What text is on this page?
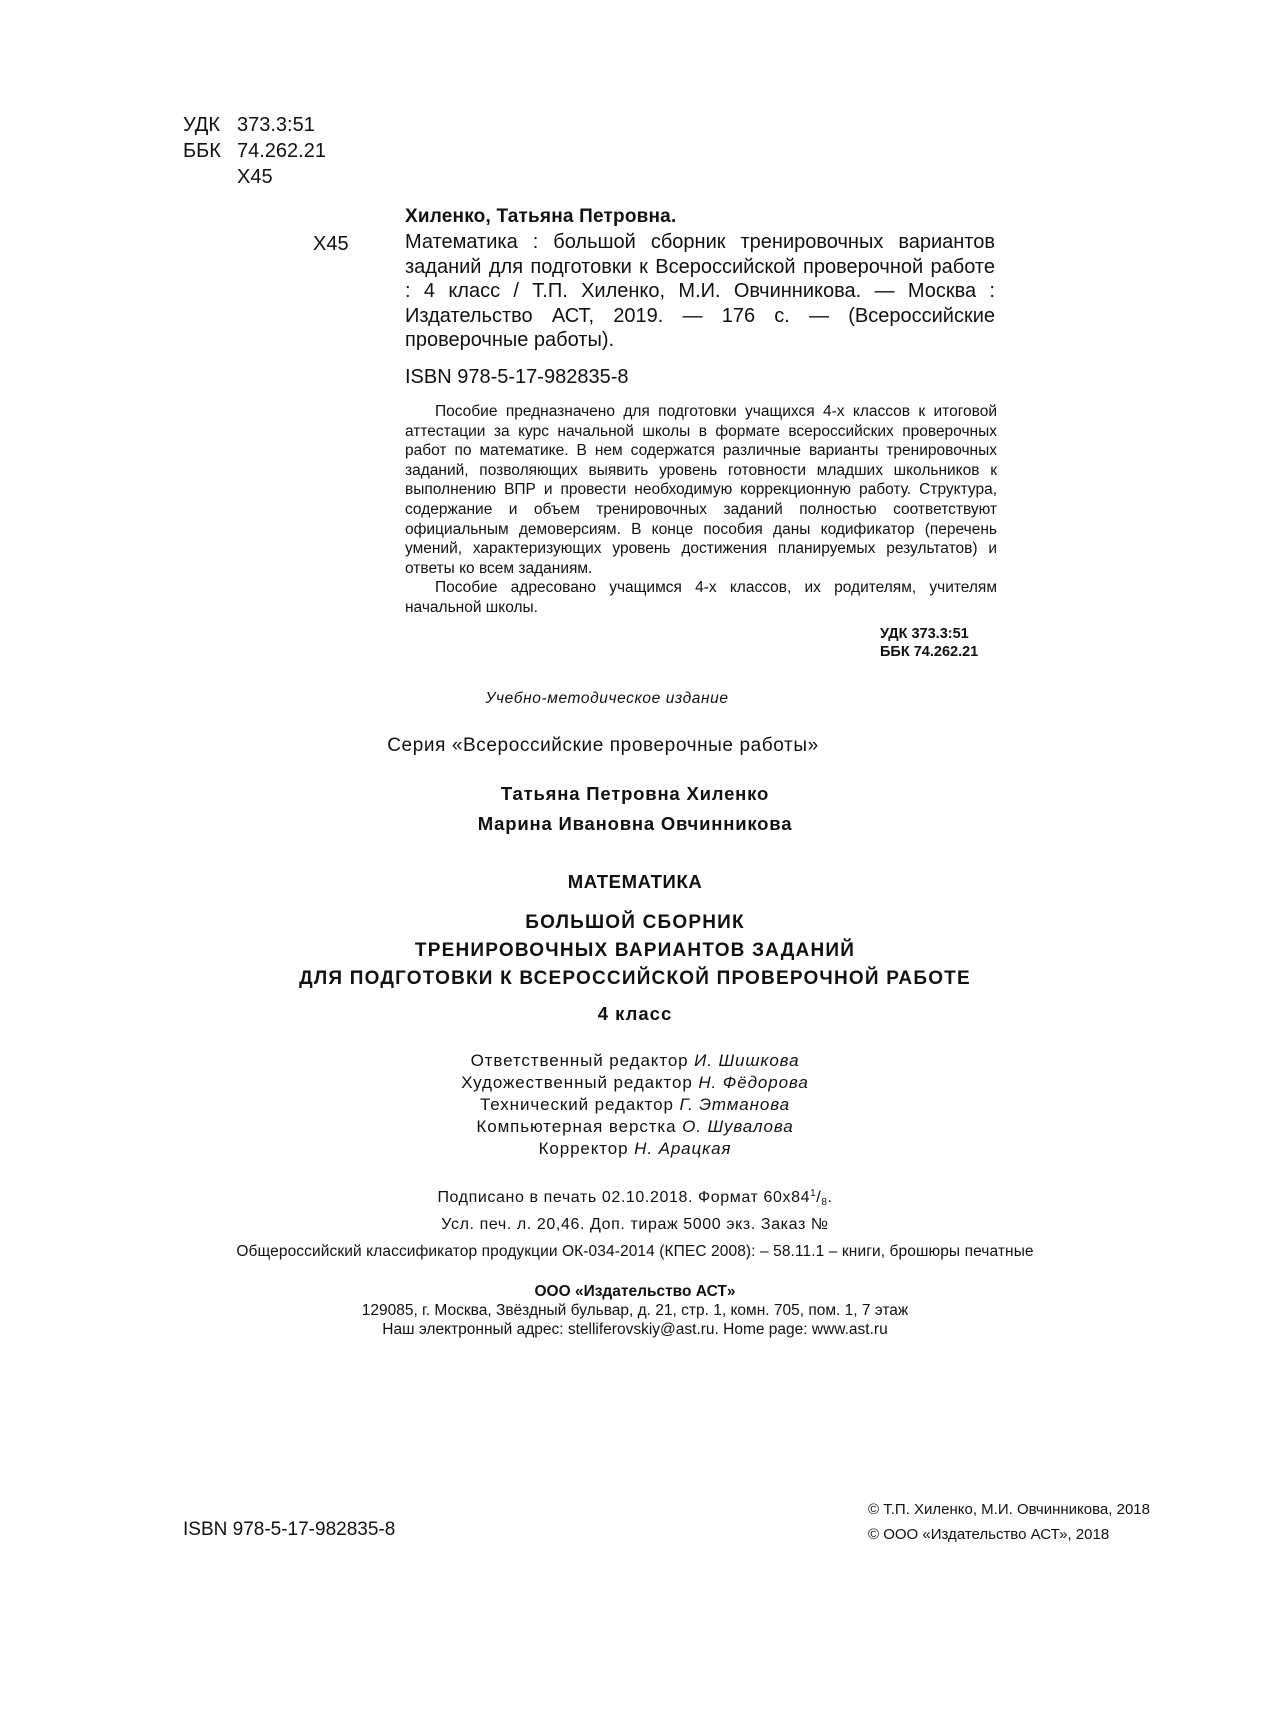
УДК 373.3:51
ББК 74.262.21
Х45
Хиленко, Татьяна Петровна.
Х45	Математика : большой сборник тренировочных вариантов заданий для подготовки к Всероссийской проверочной работе : 4 класс / Т.П. Хиленко, М.И. Овчинникова. — Москва : Издательство АСТ, 2019. — 176 с. — (Всероссийские проверочные работы).
ISBN 978-5-17-982835-8

Пособие предназначено для подготовки учащихся 4-х классов к итоговой аттестации за курс начальной школы в формате всероссийских проверочных работ по математике. В нем содержатся различные варианты тренировочных заданий, позволяющих выявить уровень готовности младших школьников к выполнению ВПР и провести необходимую коррекционную работу. Структура, содержание и объем тренировочных заданий полностью соответствуют официальным демоверсиям. В конце пособия даны кодификатор (перечень умений, характеризующих уровень достижения планируемых результатов) и ответы ко всем заданиям.

Пособие адресовано учащимся 4-х классов, их родителям, учителям начальной школы.

УДК 373.3:51
ББК 74.262.21
Учебно-методическое издание
Серия «Всероссийские проверочные работы»
Татьяна Петровна Хиленко
Марина Ивановна Овчинникова
МАТЕМАТИКА
БОЛЬШОЙ СБОРНИК
ТРЕНИРОВОЧНЫХ ВАРИАНТОВ ЗАДАНИЙ
ДЛЯ ПОДГОТОВКИ К ВСЕРОССИЙСКОЙ ПРОВЕРОЧНОЙ РАБОТЕ
4 класс
Ответственный редактор И. Шишкова
Художественный редактор Н. Фёдорова
Технический редактор Г. Этманова
Компьютерная верстка О. Шувалова
Корректор Н. Арацкая
Подписано в печать 02.10.2018. Формат $60x84^1/_8$.
Усл. печ. л. 20,46. Доп. тираж 5000 экз. Заказ №
Общероссийский классификатор продукции ОК-034-2014 (КПЕС 2008): – 58.11.1 – книги, брошюры печатные
ООО «Издательство АСТ»
129085, г. Москва, Звёздный бульвар, д. 21, стр. 1, комн. 705, пом. 1, 7 этаж
Наш электронный адрес: stelliferovskiy@ast.ru. Home page: www.ast.ru
ISBN 978-5-17-982835-8
© Т.П. Хиленко, М.И. Овчинникова, 2018
© ООО «Издательство АСТ», 2018
